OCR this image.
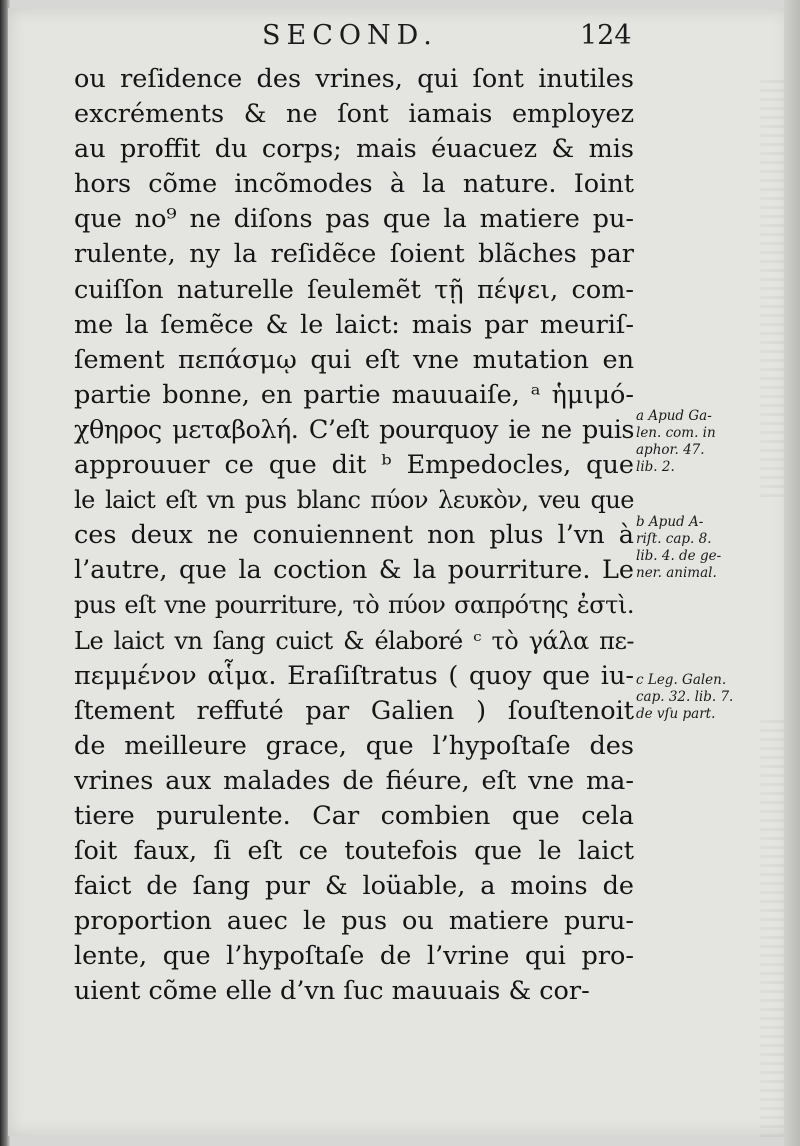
SECOND.	124
ou reſidence des vrines, qui ſont inutiles
excréments & ne ſont iamais employez
au proffit du corps; mais éuacuez & mis
hors cõme incõmodes à la nature. Ioint
que no⁹ ne diſons pas que la matiere pu-
rulente, ny la reſidẽce ſoient blãches par
cuiſſon naturelle ſeulemẽt τῇ πέψει, com-
me la ſemẽce & le laict: mais par meuriſ-
ſement πεπάσμῳ qui eſt vne mutation en
partie bonne, en partie mauuaiſe, ᵃ ἡμιμό-
χθηρος μεταβολή. C’eſt pourquoy ie ne puis
approuuer ce que dit ᵇ Empedocles, que
le laict eſt vn pus blanc πύον λευκὸν, veu que
ces deux ne conuiennent non plus l’vn à
l’autre, que la coction & la pourriture. Le
pus eſt vne pourriture, τὸ πύον σαπρότης ἐστὶ.
Le laict vn ſang cuict & élaboré ᶜ τὸ γάλα πε-
πεμμένον αἷμα. Eraſiſtratus ( quoy que iu-
ſtement reffuté par Galien ) ſouſtenoit
de meilleure grace, que l’hypoſtaſe des
vrines aux malades de fiéure, eſt vne ma-
tiere purulente. Car combien que cela
ſoit faux, ſi eſt ce toutefois que le laict
faict de ſang pur & loüable, a moins de
proportion auec le pus ou matiere puru-
lente, que l’hypoſtaſe de l’vrine qui pro-
uient cõme elle d’vn ſuc mauuais & cor-
a Apud Ga-
len. com. in
aphor. 47.
lib. 2.
b Apud A-
riſt. cap. 8.
lib. 4. de ge-
ner. animal.
c Leg. Galen.
cap. 32. lib. 7.
de vſu part.
